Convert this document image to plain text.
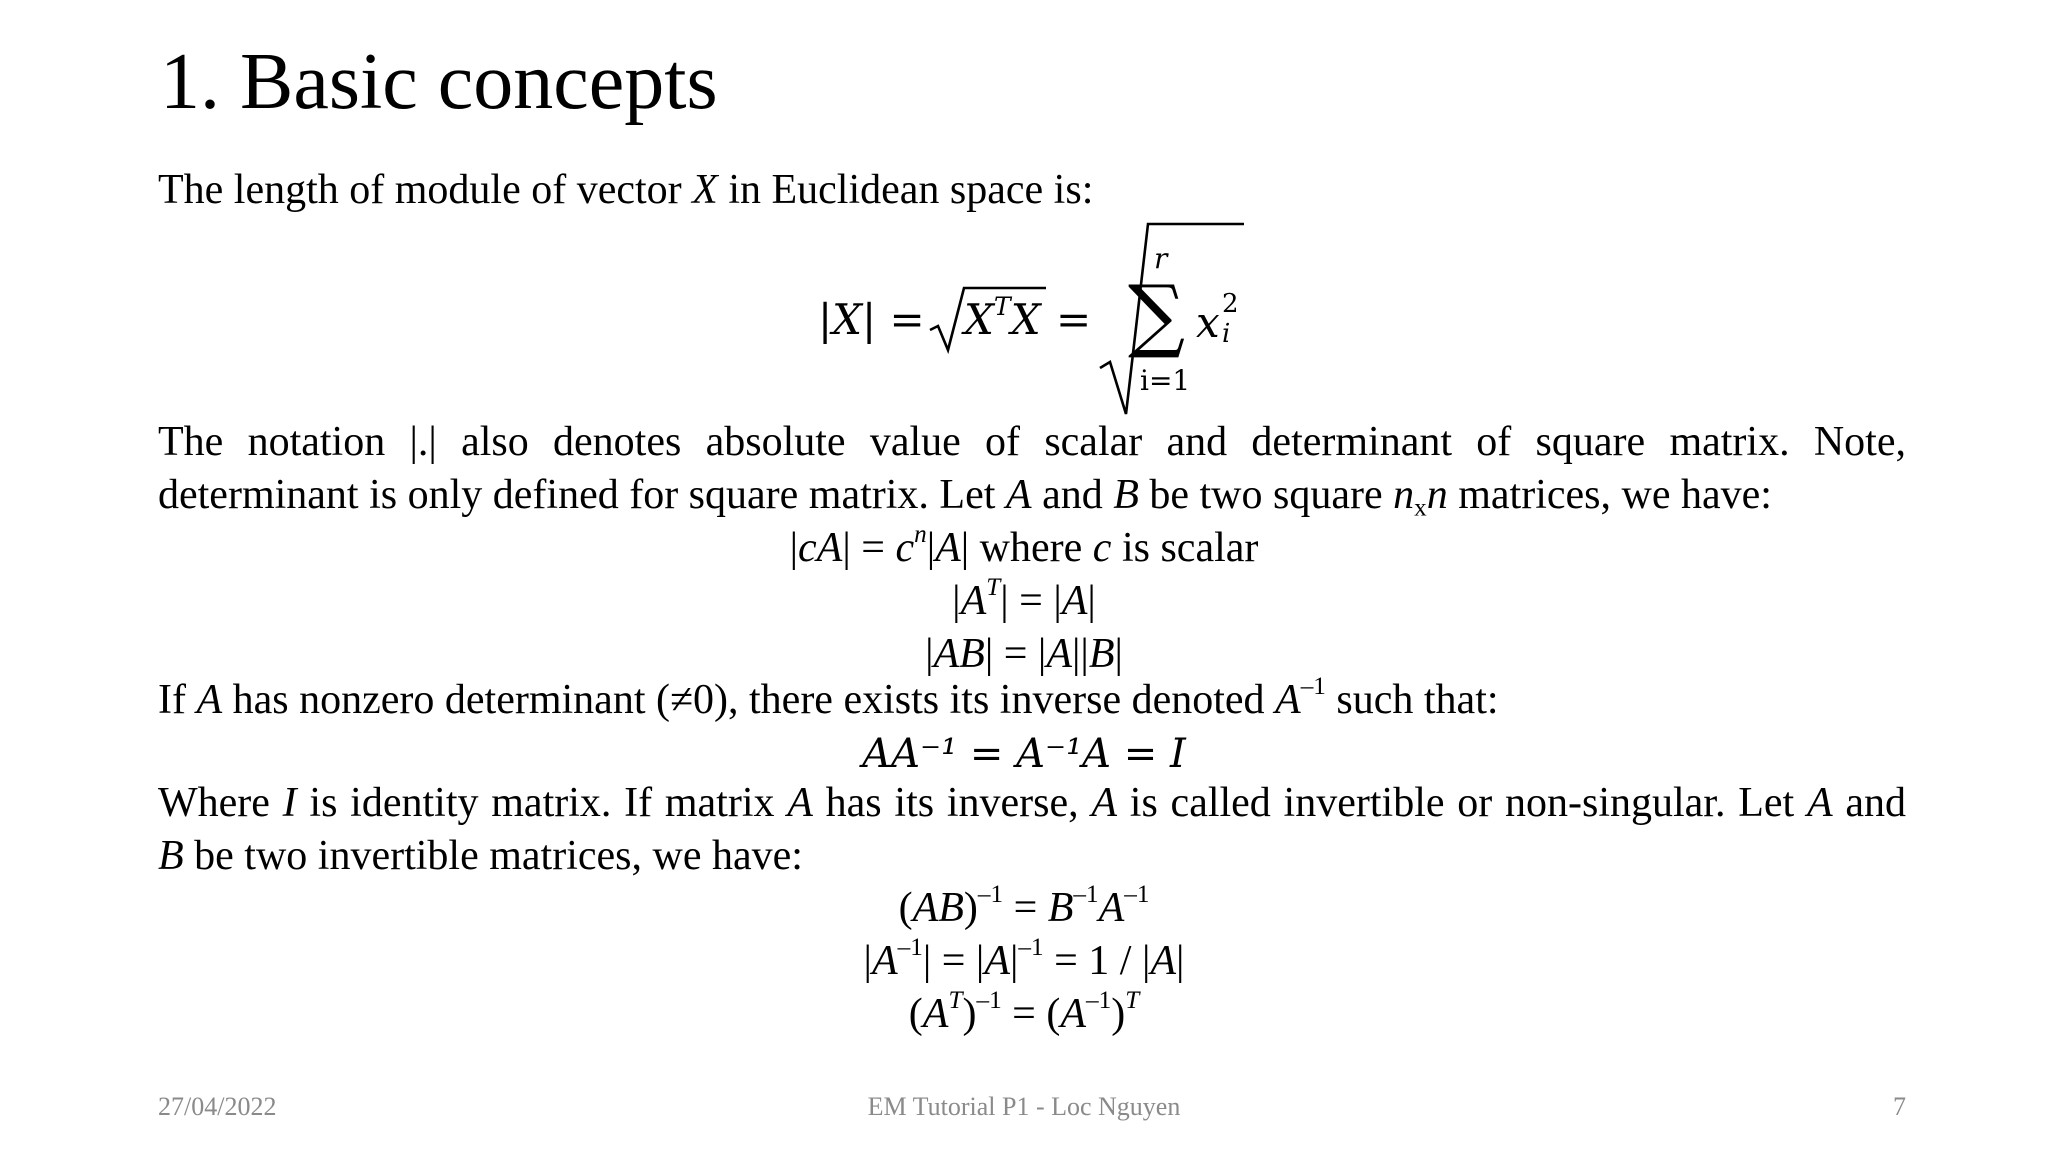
1. Basic concepts
The length of module of vector X in Euclidean space is:
$|X| = X^TX$ =
r
∑
i=1
x 2
i
The notation |.| also denotes absolute value of scalar and determinant of square matrix. Note,
determinant is only defined for square matrix. Let A and B be two square $n_xn$ matrices, we have:
$|cA| = c^n|A|$ where c is scalar
$|A^T| = |A|$
|AB| = |A||B|
If A has nonzero determinant (≠0), there exists its inverse denoted $A^{-1}$ such that:
AA⁻¹ = A⁻¹A = I
Where I is identity matrix. If matrix A has its inverse, A is called invertible or non-singular. Let A and
B be two invertible matrices, we have:
$(AB)^{-1} = B^{-1}A^{-1}$
$|A^{-1}| = |A|^{-1} = 1 / |A|$
$(A^T)^{-1} = (A^{-1})^T$
27/04/2022	EM Tutorial P1 - Loc Nguyen	7
